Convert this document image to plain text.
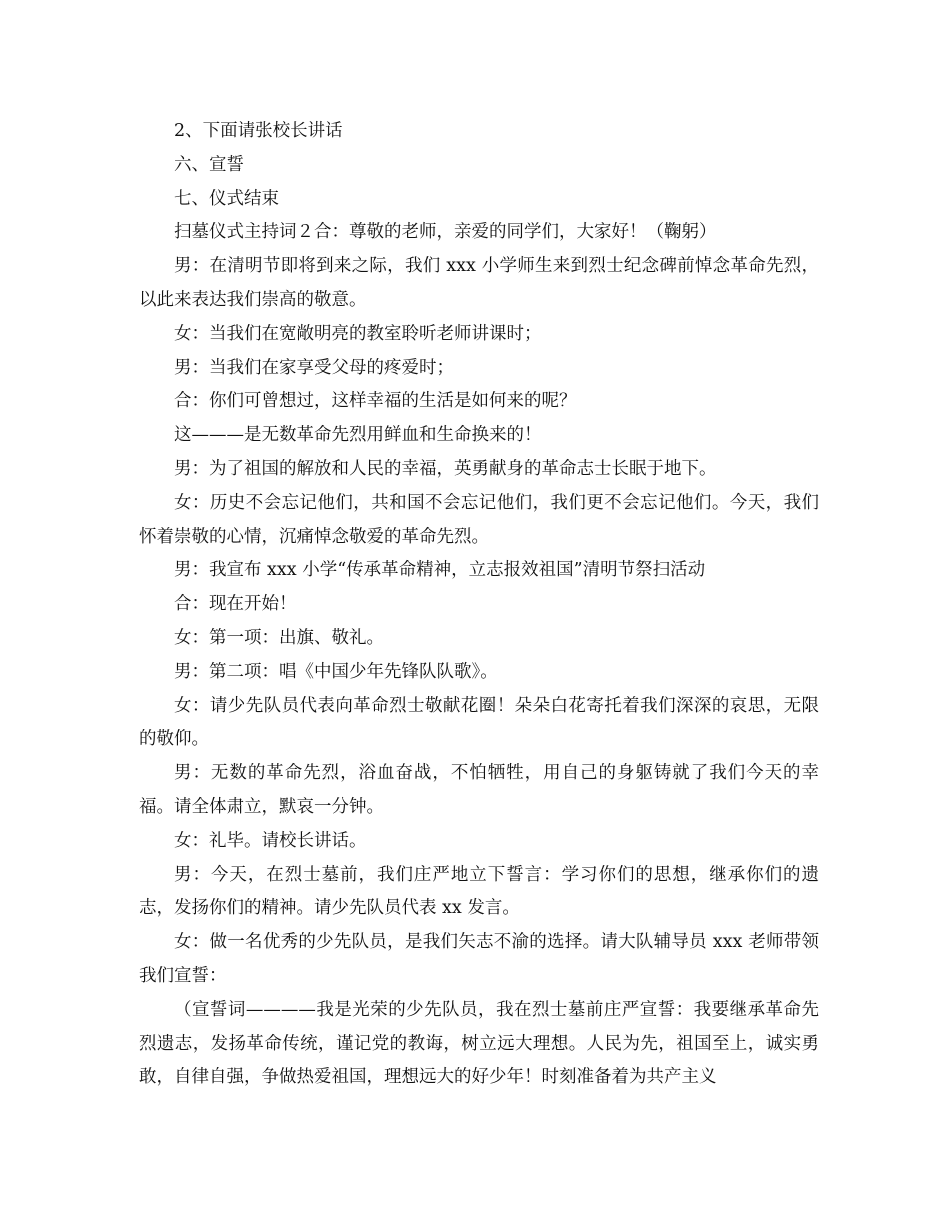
2、下面请张校长讲话

六、宣誓

七、仪式结束

扫墓仪式主持词２合：尊敬的老师，亲爱的同学们，大家好！（鞠躬）

男：在清明节即将到来之际，我们 xxx 小学师生来到烈士纪念碑前悼念革命先烈，以此来表达我们崇高的敬意。

女：当我们在宽敞明亮的教室聆听老师讲课时；

男：当我们在家享受父母的疼爱时；

合：你们可曾想过，这样幸福的生活是如何来的呢？

这———是无数革命先烈用鲜血和生命换来的！

男：为了祖国的解放和人民的幸福，英勇献身的革命志士长眠于地下。

女：历史不会忘记他们，共和国不会忘记他们，我们更不会忘记他们。今天，我们怀着崇敬的心情，沉痛悼念敬爱的革命先烈。

男：我宣布 xxx 小学“传承革命精神，立志报效祖国”清明节祭扫活动

合：现在开始！

女：第一项：出旗、敬礼。

男：第二项：唱《中国少年先锋队队歌》。

女：请少先队员代表向革命烈士敬献花圈！朵朵白花寄托着我们深深的哀思，无限的敬仰。

男：无数的革命先烈，浴血奋战，不怕牺牲，用自己的身躯铸就了我们今天的幸福。请全体肃立，默哀一分钟。

女：礼毕。请校长讲话。

男：今天，在烈士墓前，我们庄严地立下誓言：学习你们的思想，继承你们的遗志，发扬你们的精神。请少先队员代表 xx 发言。

女：做一名优秀的少先队员，是我们矢志不渝的选择。请大队辅导员 xxx 老师带领我们宣誓：

（宣誓词————我是光荣的少先队员，我在烈士墓前庄严宣誓：我要继承革命先烈遗志，发扬革命传统，谨记党的教诲，树立远大理想。人民为先，祖国至上，诚实勇敢，自律自强，争做热爱祖国，理想远大的好少年！时刻准备着为共产主义
